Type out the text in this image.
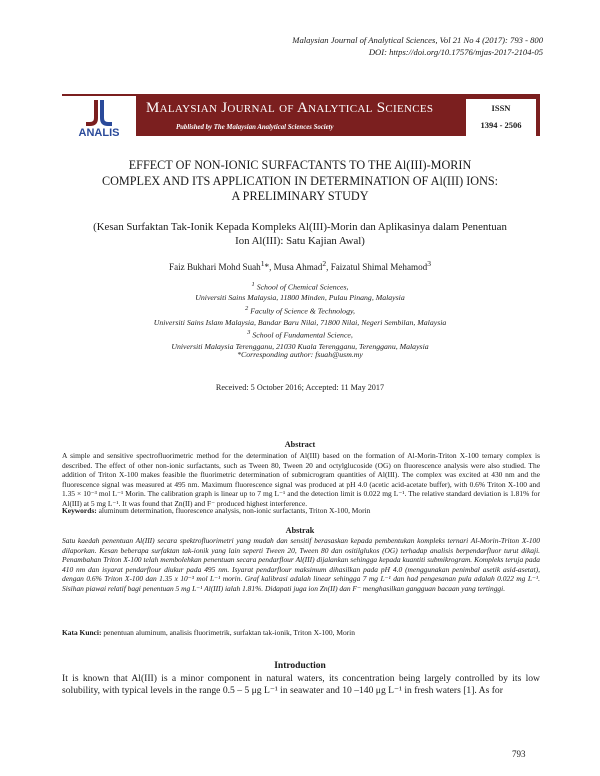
Malaysian Journal of Analytical Sciences, Vol 21 No 4 (2017): 793 - 800
DOI: https://doi.org/10.17576/mjas-2017-2104-05
ANALIS
Malaysian Journal of Analytical Sciences
Published by The Malaysian Analytical Sciences Society
ISSN
1394 - 2506
EFFECT OF NON-IONIC SURFACTANTS TO THE Al(III)-MORIN
COMPLEX AND ITS APPLICATION IN DETERMINATION OF Al(III) IONS:
A PRELIMINARY STUDY
(Kesan Surfaktan Tak-Ionik Kepada Kompleks Al(III)-Morin dan Aplikasinya dalam Penentuan
Ion Al(III): Satu Kajian Awal)
Faiz Bukhari Mohd Suah$^1$*, Musa Ahmad$^2$, Faizatul Shimal Mehamod$^3$
$^1$ School of Chemical Sciences,
Universiti Sains Malaysia, 11800 Minden, Pulau Pinang, Malaysia
$^2$ Faculty of Science & Technology,
Universiti Sains Islam Malaysia, Bandar Baru Nilai, 71800 Nilai, Negeri Sembilan, Malaysia
$^3$ School of Fundamental Science,
Universiti Malaysia Terengganu, 21030 Kuala Terengganu, Terengganu, Malaysia
*Corresponding author: fsuah@usm.my
Received: 5 October 2016; Accepted: 11 May 2017
Abstract
A simple and sensitive spectrofluorimetric method for the determination of Al(III) based on the formation of Al-Morin-Triton X-100 ternary complex is described. The effect of other non-ionic surfactants, such as Tween 80, Tween 20 and octylglucoside (OG) on fluorescence analysis were also studied. The addition of Triton X-100 makes feasible the fluorimetric determination of submicrogram quantities of Al(III). The complex was excited at 430 nm and the fluorescence signal was measured at 495 nm. Maximum fluorescence signal was produced at pH 4.0 (acetic acid-acetate buffer), with 0.6% Triton X-100 and 1.35 × 10⁻³ mol L⁻¹ Morin. The calibration graph is linear up to 7 mg L⁻¹ and the detection limit is 0.022 mg L⁻¹. The relative standard deviation is 1.81% for Al(III) at 5 mg L⁻¹. It was found that Zn(II) and F⁻ produced highest interference.
Keywords: aluminum determination, fluorescence analysis, non-ionic surfactants, Triton X-100, Morin
Abstrak
Satu kaedah penentuan Al(III) secara spektrofluorimetri yang mudah dan sensitif berasaskan kepada pembentukan kompleks ternari Al-Morin-Triton X-100 dilaporkan. Kesan beberapa surfaktan tak-ionik yang lain seperti Tween 20, Tween 80 dan ositilglukos (OG) terhadap analisis berpendarfluor turut dikaji. Penambahan Triton X-100 telah membolehkan penentuan secara pendarflour Al(III) dijalankan sehingga kepada kuantiti submikrogram. Kompleks teruja pada 410 nm dan isyarat pendarflour diukur pada 495 nm. Isyarat pendarflour maksimum dihasilkan pada pH 4.0 (menggunakan penimbal asetik asid-asetat), dengan 0.6% Triton X-100 dan 1.35 x 10⁻³ mol L⁻¹ morin. Graf kalibrasi adalah linear sehingga 7 mg L⁻¹ dan had pengesanan pula adalah 0.022 mg L⁻¹. Sisihan piawai relatif bagi penentuan 5 mg L⁻¹ Al(III) ialah 1.81%. Didapati juga ion Zn(II) dan F⁻ menghasilkan gangguan bacaan yang tertinggi.
Kata Kunci: penentuan aluminum, analisis fluorimetrik, surfaktan tak-ionik, Triton X-100, Morin
Introduction
It is known that Al(III) is a minor component in natural waters, its concentration being largely controlled by its low solubility, with typical levels in the range 0.5 – 5 μg L⁻¹ in seawater and 10 –140 μg L⁻¹ in fresh waters [1]. As for
793
